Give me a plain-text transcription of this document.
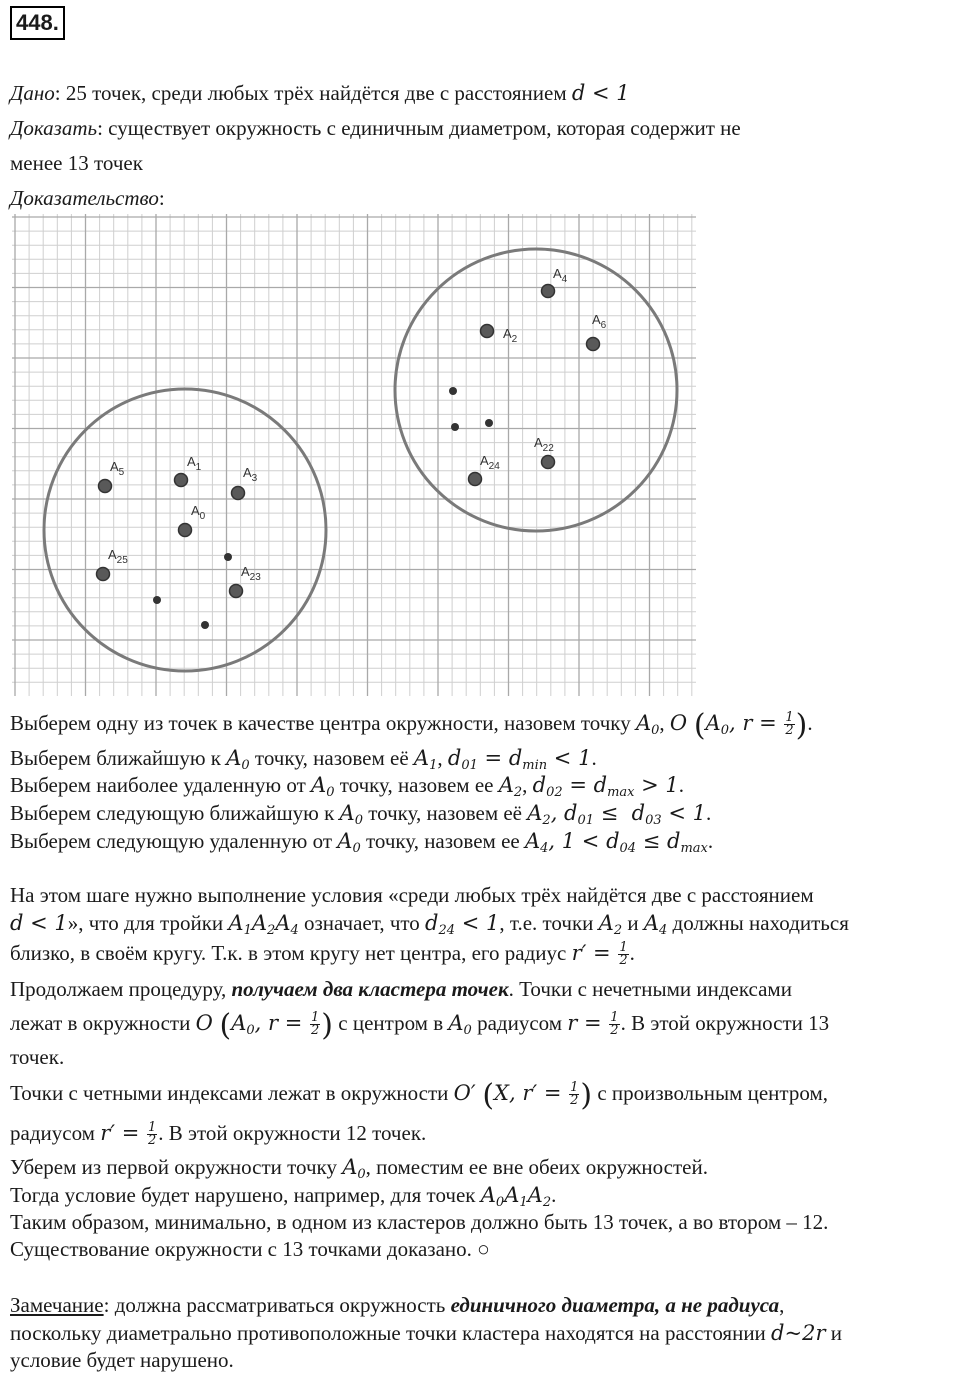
448.
Дано: 25 точек, среди любых трёх найдётся две с расстоянием d < 1
Доказать: существует окружность с единичным диаметром, которая содержит не
менее 13 точек
Доказательство:
$A_4$
$A_2$
$A_6$
$A_{22}$
$A_{24}$
$A_5$
$A_1$	$A_3$
$A_0$
$A_{25}$
$A_{23}$
Выберем одну из точек в качестве центра окружности, назовем точку $A_0$, 𝑂 ($A_0$, $r = \frac{1}{2}$ ).
Выберем ближайшую к $A_0$ точку, назовем её $A_1$, $d_{01} = d_{min} < 1$.
Выберем наиболее удаленную от $A_0$ точку, назовем ее $A_2$, $d_{02} = d_{max} > 1$.
Выберем следующую ближайшую к $A_0$ точку, назовем её $A_2$, $d_{01} \le d_{03} < 1$.
Выберем следующую удаленную от $A_0$ точку, назовем ее $A_4$, $1 < d_{04} \le d_{max}$.
На этом шаге нужно выполнение условия «среди любых трёх найдётся две с расстоянием
d < 1», что для тройки $A_1A_2A_4$ означает, что $d_{24} < 1$, т.е. точки $A_2$ и $A_4$ должны находиться
близко, в своём кругу. Т.к. в этом кругу нет центра, его радиус $r' = \frac{1}{2}$ .
Продолжаем процедуру, получаем два кластера точек. Точки с нечетными индексами
лежат в окружности 𝑂 ($A_0$, $r = \frac{1}{2}$ ) с центром в $A_0$ радиусом $r = \frac{1}{2}$ . В этой окружности 13
точек.
Точки с четными индексами лежат в окружности 𝑂′ (X, $r' = \frac{1}{2}$ ) с произвольным центром,
радиусом $r' = \frac{1}{2}$ . В этой окружности 12 точек.
Уберем из первой окружности точку $A_0$, поместим ее вне обеих окружностей.
Тогда условие будет нарушено, например, для точек $A_0A_1A_2$.
Таким образом, минимально, в одном из кластеров должно быть 13 точек, а во втором – 12.
Существование окружности с 13 точками доказано. ○
Замечание: должна рассматриваться окружность единичного диаметра, а не радиуса,
поскольку диаметрально противоположные точки кластера находятся на расстоянии d~2r и
условие будет нарушено.
